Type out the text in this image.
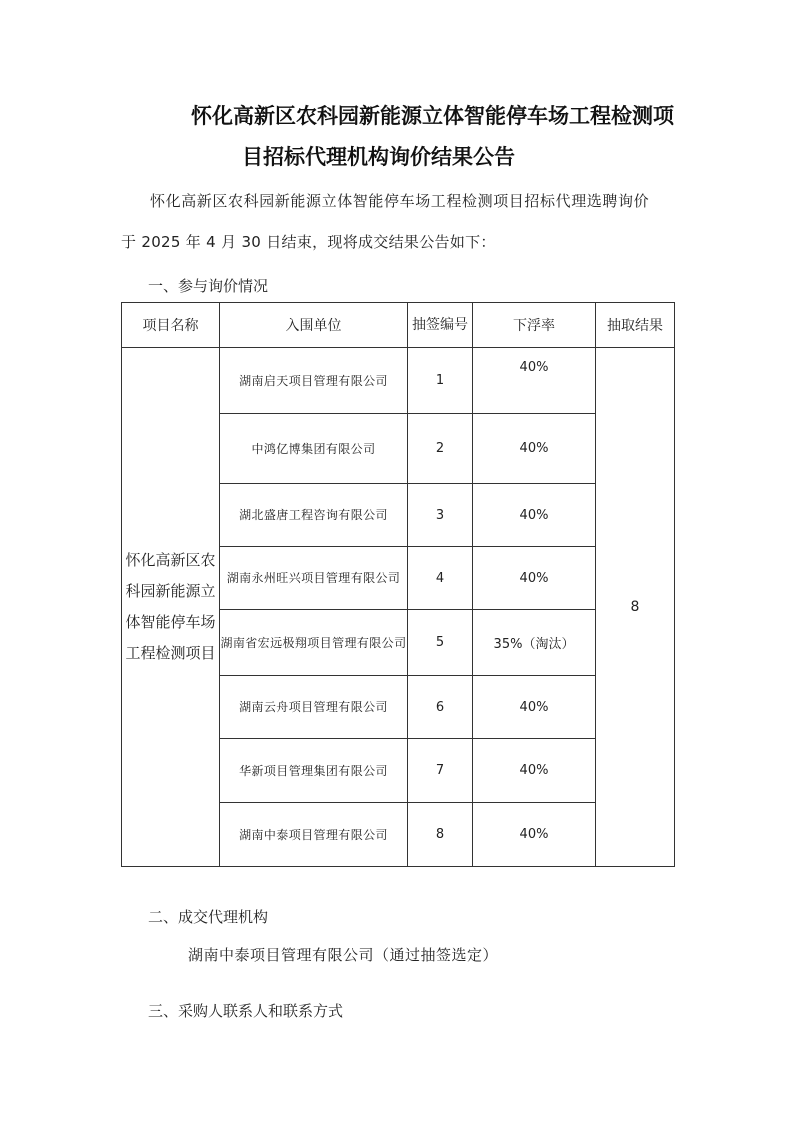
怀化高新区农科园新能源立体智能停车场工程检测项
目招标代理机构询价结果公告
怀化高新区农科园新能源立体智能停车场工程检测项目招标代理选聘询价
于 2025 年 4 月 30 日结束，现将成交结果公告如下：
一、参与询价情况
项目名称	入围单位	抽签编号	下浮率	抽取结果
怀化高新区农科园新能源立体智能停车场工程检测项目	湖南启天项目管理有限公司	1	40%	8
	中鸿亿博集团有限公司	2	40%	
	湖北盛唐工程咨询有限公司	3	40%	
	湖南永州旺兴项目管理有限公司	4	40%	
	湖南省宏远极翔项目管理有限公司	5	35%（淘汰）	
	湖南云舟项目管理有限公司	6	40%	
	华新项目管理集团有限公司	7	40%	
	湖南中泰项目管理有限公司	8	40%	
二、成交代理机构
湖南中泰项目管理有限公司（通过抽签选定）
三、采购人联系人和联系方式
